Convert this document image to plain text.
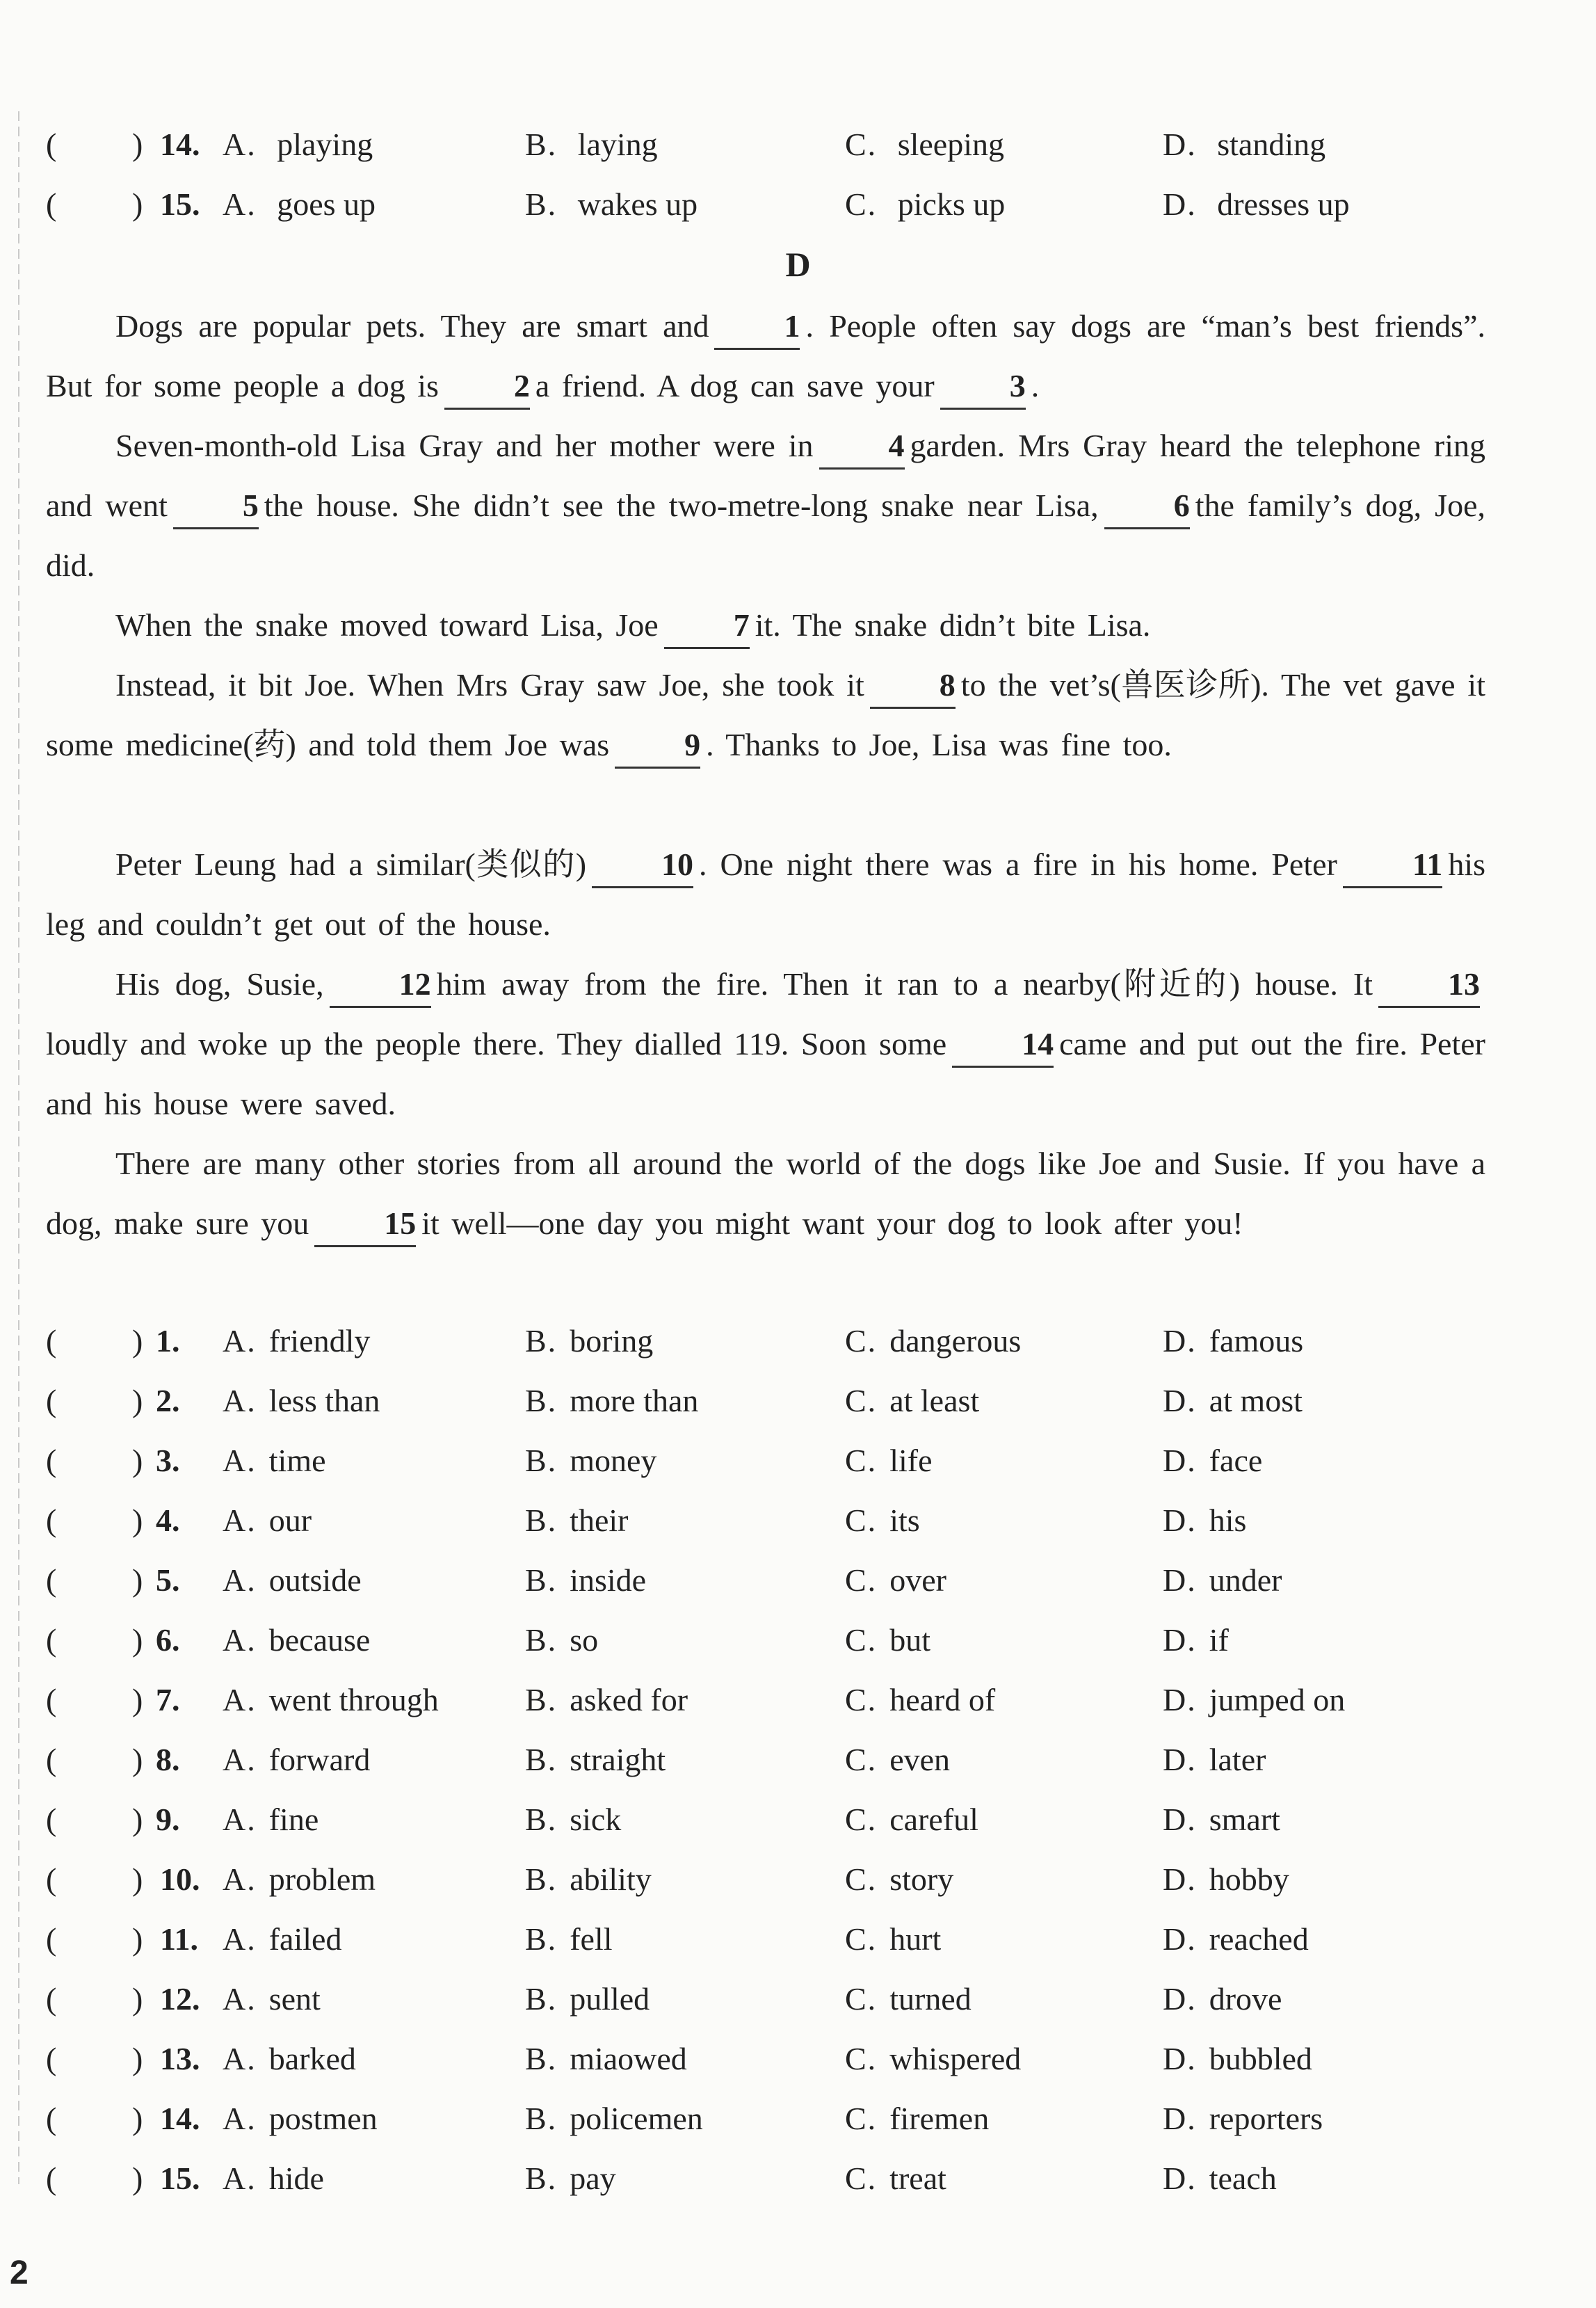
( ) 14. A. playing	B. laying	C. sleeping	D. standing
( ) 15. A. goes up	B. wakes up	C. picks up	D. dresses up
D
Dogs are popular pets. They are smart and 1 . People often say dogs are “man’s best friends”. But for some people a dog is 2 a friend. A dog can save your 3 .
Seven-month-old Lisa Gray and her mother were in 4 garden. Mrs Gray heard the telephone ring and went 5 the house. She didn’t see the two-metre-long snake near Lisa, 6 the family’s dog, Joe, did.
When the snake moved toward Lisa, Joe 7 it. The snake didn’t bite Lisa.
Instead, it bit Joe. When Mrs Gray saw Joe, she took it 8 to the vet’s(兽医诊所). The vet gave it some medicine(药) and told them Joe was 9 . Thanks to Joe, Lisa was fine too.
Peter Leung had a similar(类似的) 10 . One night there was a fire in his home. Peter 11 his leg and couldn’t get out of the house.
His dog, Susie, 12 him away from the fire. Then it ran to a nearby(附近的) house. It 13loudly and woke up the people there. They dialled 119. Soon some 14 came and put out the fire. Peter and his house were saved.
There are many other stories from all around the world of the dogs like Joe and Susie. If you have a dog, make sure you 15 it well—one day you might want your dog to look after you!
( ) 1. A. friendly	B. boring	C. dangerous	D. famous
( ) 2. A. less than	B. more than	C. at least	D. at most
( ) 3. A. time	B. money	C. life	D. face
( ) 4. A. our	B. their	C. its	D. his
( ) 5. A. outside	B. inside	C. over	D. under
( ) 6. A. because	B. so	C. but	D. if
( ) 7. A. went through	B. asked for	C. heard of	D. jumped on
( ) 8. A. forward	B. straight	C. even	D. later
( ) 9. A. fine	B. sick	C. careful	D. smart
( ) 10. A. problem	B. ability	C. story	D. hobby
( ) 11. A. failed	B. fell	C. hurt	D. reached
( ) 12. A. sent	B. pulled	C. turned	D. drove
( ) 13. A. barked	B. miaowed	C. whispered	D. bubbled
( ) 14. A. postmen	B. policemen	C. firemen	D. reporters
( ) 15. A. hide	B. pay	C. treat	D. teach
2
